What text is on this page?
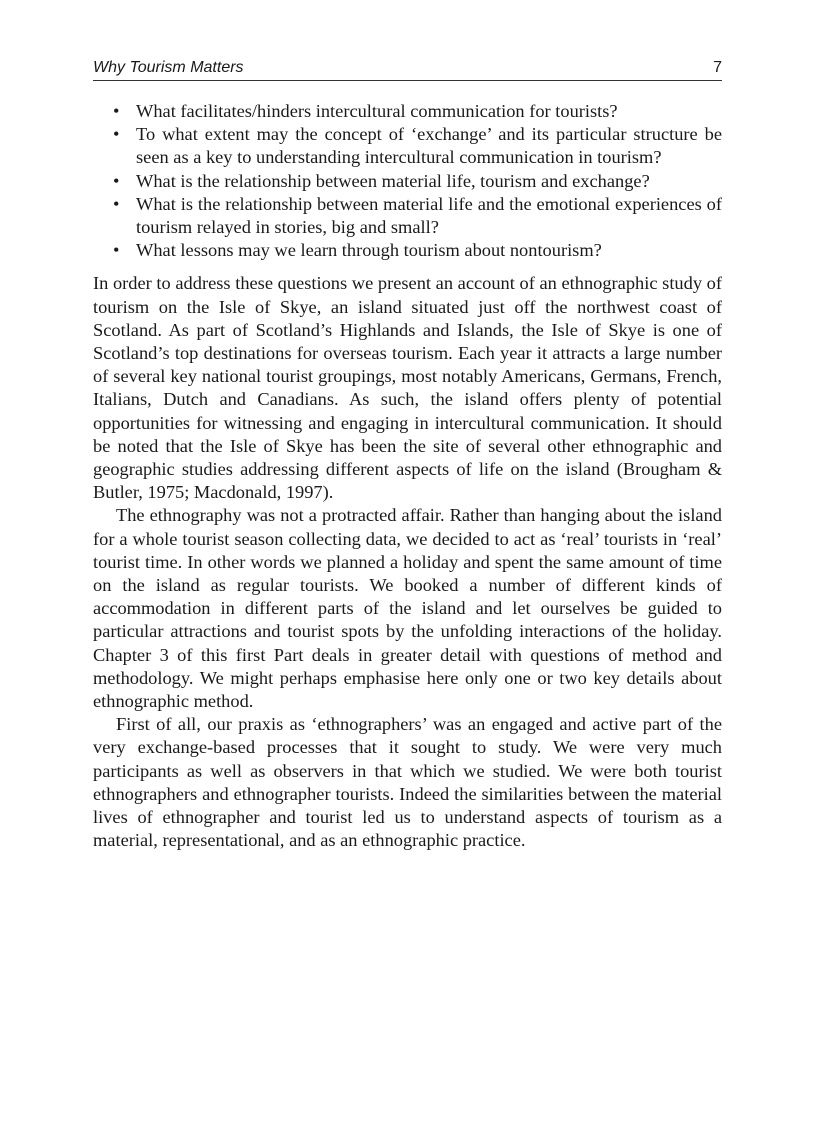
Why Tourism Matters	7
• What facilitates/hinders intercultural communication for tourists?
• To what extent may the concept of ‘exchange’ and its particular structure be seen as a key to understanding intercultural communication in tourism?
• What is the relationship between material life, tourism and exchange?
• What is the relationship between material life and the emotional experiences of tourism relayed in stories, big and small?
• What lessons may we learn through tourism about nontourism?

In order to address these questions we present an account of an ethnographic study of tourism on the Isle of Skye, an island situated just off the northwest coast of Scotland. As part of Scotland’s Highlands and Islands, the Isle of Skye is one of Scotland’s top destinations for overseas tourism. Each year it attracts a large number of several key national tourist groupings, most notably Americans, Germans, French, Italians, Dutch and Canadians. As such, the island offers plenty of potential opportunities for witnessing and engaging in intercultural communication. It should be noted that the Isle of Skye has been the site of several other ethnographic and geographic studies addressing different aspects of life on the island (Brougham & Butler, 1975; Macdonald, 1997).

The ethnography was not a protracted affair. Rather than hanging about the island for a whole tourist season collecting data, we decided to act as ‘real’ tourists in ‘real’ tourist time. In other words we planned a holiday and spent the same amount of time on the island as regular tourists. We booked a number of different kinds of accommodation in different parts of the island and let ourselves be guided to particular attractions and tourist spots by the unfolding interactions of the holiday. Chapter 3 of this first Part deals in greater detail with questions of method and methodology. We might perhaps emphasise here only one or two key details about ethnographic method.

First of all, our praxis as ‘ethnographers’ was an engaged and active part of the very exchange-based processes that it sought to study. We were very much participants as well as observers in that which we studied. We were both tourist ethnographers and ethnographer tourists. Indeed the similarities between the material lives of ethnographer and tourist led us to understand aspects of tourism as a material, representational, and as an ethnographic practice.
